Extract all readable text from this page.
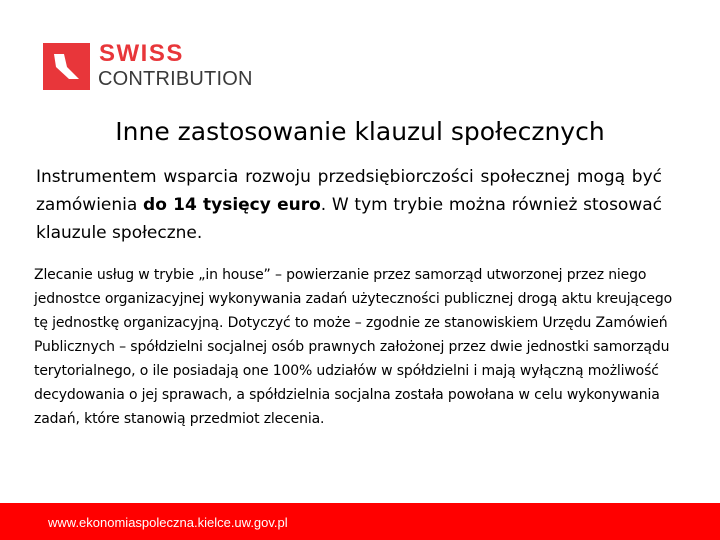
SWISS
CONTRIBUTION
Inne zastosowanie klauzul społecznych
Instrumentem wsparcia rozwoju przedsiębiorczości społecznej mogą być zamówienia do 14 tysięcy euro. W tym trybie można również stosować klauzule społeczne.
Zlecanie usług w trybie „in house” – powierzanie przez samorząd utworzonej przez niego jednostce organizacyjnej wykonywania zadań użyteczności publicznej drogą aktu kreującego tę jednostkę organizacyjną. Dotyczyć to może – zgodnie ze stanowiskiem Urzędu Zamówień Publicznych – spółdzielni socjalnej osób prawnych założonej przez dwie jednostki samorządu terytorialnego, o ile posiadają one 100% udziałów w spółdzielni i mają wyłączną możliwość decydowania o jej sprawach, a spółdzielnia socjalna została powołana w celu wykonywania zadań, które stanowią przedmiot zlecenia.
www.ekonomiaspoleczna.kielce.uw.gov.pl
